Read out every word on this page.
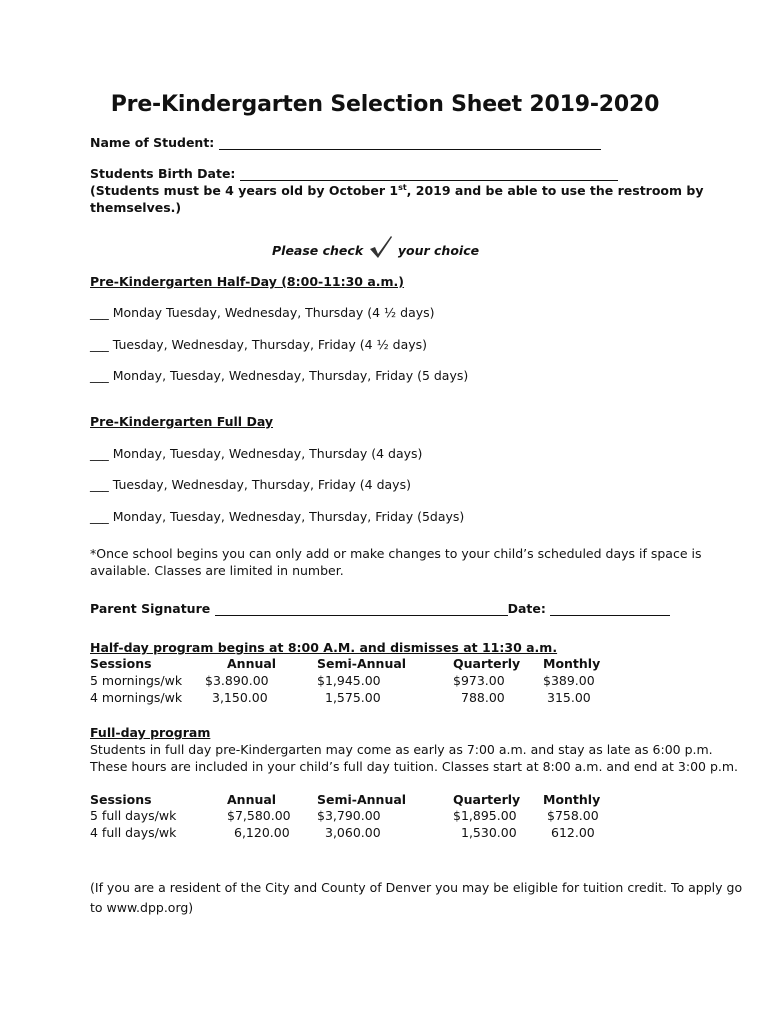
Pre-Kindergarten Selection Sheet 2019-2020
Name of Student:
Students Birth Date:
(Students must be 4 years old by October 1st, 2019 and be able to use the restroom by
themselves.)
Please check	your choice
Pre-Kindergarten Half-Day (8:00-11:30 a.m.)
___ Monday Tuesday, Wednesday, Thursday (4 ½ days)
___ Tuesday, Wednesday, Thursday, Friday (4 ½ days)
___ Monday, Tuesday, Wednesday, Thursday, Friday (5 days)
Pre-Kindergarten Full Day
___ Monday, Tuesday, Wednesday, Thursday (4 days)
___ Tuesday, Wednesday, Thursday, Friday (4 days)
___ Monday, Tuesday, Wednesday, Thursday, Friday (5days)
*Once school begins you can only add or make changes to your child’s scheduled days if space is
available. Classes are limited in number.
Parent Signature	Date:
Half-day program begins at 8:00 A.M. and dismisses at 11:30 a.m.
Sessions	Annual	Semi-Annual	Quarterly Monthly
5 mornings/wk $3.890.00	$1,945.00	$973.00	$389.00
4 mornings/wk 3,150.00	1,575.00	788.00	315.00
Full-day program
Students in full day pre-Kindergarten may come as early as 7:00 a.m. and stay as late as 6:00 p.m.
These hours are included in your child’s full day tuition. Classes start at 8:00 a.m. and end at 3:00 p.m.
Sessions	Annual	Semi-Annual	Quarterly Monthly
5 full days/wk	$7,580.00 $3,790.00	$1,895.00 $758.00
4 full days/wk	6,120.00	3,060.00	1,530.00	612.00
(If you are a resident of the City and County of Denver you may be eligible for tuition credit. To apply go
to www.dpp.org)
